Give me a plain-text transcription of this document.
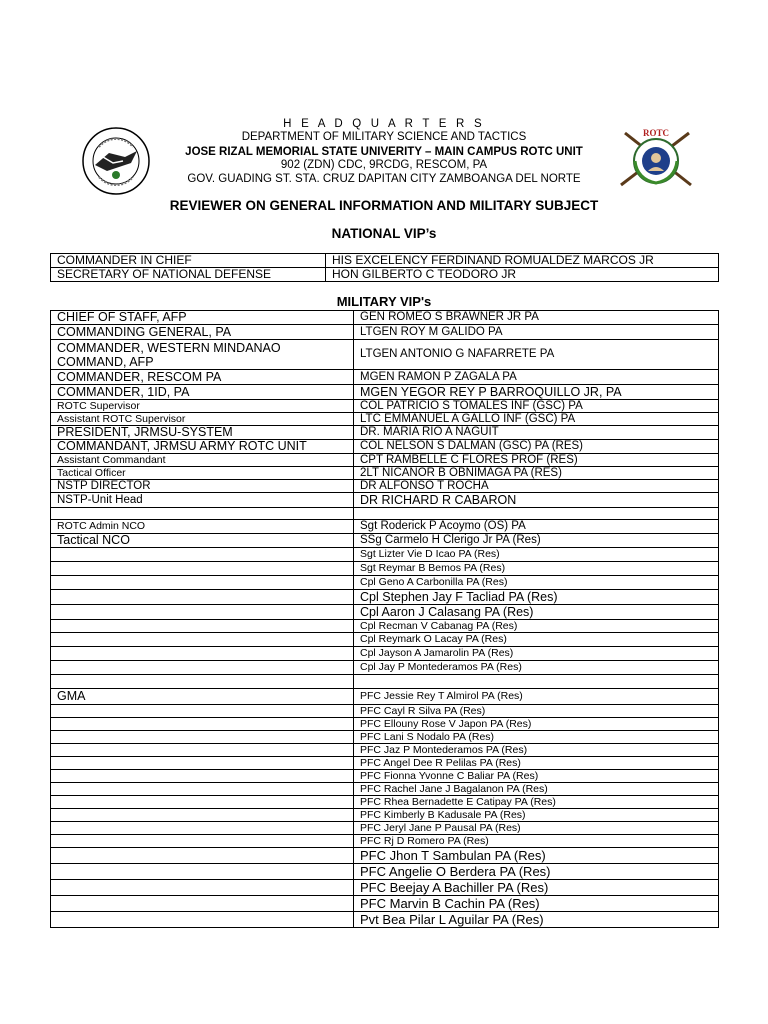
ROTC
H E A D Q U A R T E R S
DEPARTMENT OF MILITARY SCIENCE AND TACTICS
JOSE RIZAL MEMORIAL STATE UNIVERITY – MAIN CAMPUS ROTC UNIT
902 (ZDN) CDC, 9RCDG, RESCOM, PA
GOV. GUADING ST. STA. CRUZ DAPITAN CITY ZAMBOANGA DEL NORTE
REVIEWER ON GENERAL INFORMATION AND MILITARY SUBJECT
NATIONAL VIP’s
COMMANDER IN CHIEF	HIS EXCELENCY FERDINAND ROMUALDEZ MARCOS JR
SECRETARY OF NATIONAL DEFENSE	HON GILBERTO C TEODORO JR
MILITARY VIP's
CHIEF OF STAFF, AFP	GEN ROMEO S BRAWNER JR PA
COMMANDING GENERAL, PA	LTGEN ROY M GALIDO PA
COMMANDER, WESTERN MINDANAO COMMAND, AFP	LTGEN ANTONIO G NAFARRETE PA
COMMANDER, RESCOM PA	MGEN RAMON P ZAGALA PA
COMMANDER, 1ID, PA	MGEN YEGOR REY P BARROQUILLO JR, PA
ROTC Supervisor	COL PATRICIO S TOMALES INF (GSC) PA
Assistant ROTC Supervisor	LTC EMMANUEL A GALLO INF (GSC) PA
PRESIDENT, JRMSU-SYSTEM	DR. MARIA RIO A NAGUIT
COMMANDANT, JRMSU ARMY ROTC UNIT	COL NELSON S DALMAN (GSC) PA (RES)
Assistant Commandant	CPT RAMBELLE C FLORES PROF (RES)
Tactical Officer	2LT NICANOR B OBNIMAGA PA (RES)
NSTP DIRECTOR	DR ALFONSO T ROCHA
NSTP-Unit Head	DR RICHARD R CABARON

ROTC Admin NCO	Sgt Roderick P Acoymo (OS) PA
Tactical NCO	SSg Carmelo H Clerigo Jr PA (Res)
	Sgt Lizter Vie D Icao PA (Res)
	Sgt Reymar B Bemos PA (Res)
	Cpl Geno A Carbonilla PA (Res)
	Cpl Stephen Jay F Tacliad PA (Res)
	Cpl Aaron J Calasang PA (Res)
	Cpl Recman V Cabanag PA (Res)
	Cpl Reymark O Lacay PA (Res)
	Cpl Jayson A Jamarolin PA (Res)
	Cpl Jay P Montederamos PA (Res)

GMA	PFC Jessie Rey T Almirol PA (Res)
	PFC Cayl R Silva PA (Res)
	PFC Ellouny Rose V Japon PA (Res)
	PFC Lani S Nodalo PA (Res)
	PFC Jaz P Montederamos PA (Res)
	PFC Angel Dee R Pelilas PA (Res)
	PFC Fionna Yvonne C Baliar PA (Res)
	PFC Rachel Jane J Bagalanon PA (Res)
	PFC Rhea Bernadette E Catipay PA (Res)
	PFC Kimberly B Kadusale PA (Res)
	PFC Jeryl Jane P Pausal PA (Res)
	PFC Rj D Romero PA (Res)
	PFC Jhon T Sambulan PA (Res)
	PFC Angelie O Berdera PA (Res)
	PFC Beejay A Bachiller PA (Res)
	PFC Marvin B Cachin PA (Res)
	Pvt Bea Pilar L Aguilar PA (Res)
